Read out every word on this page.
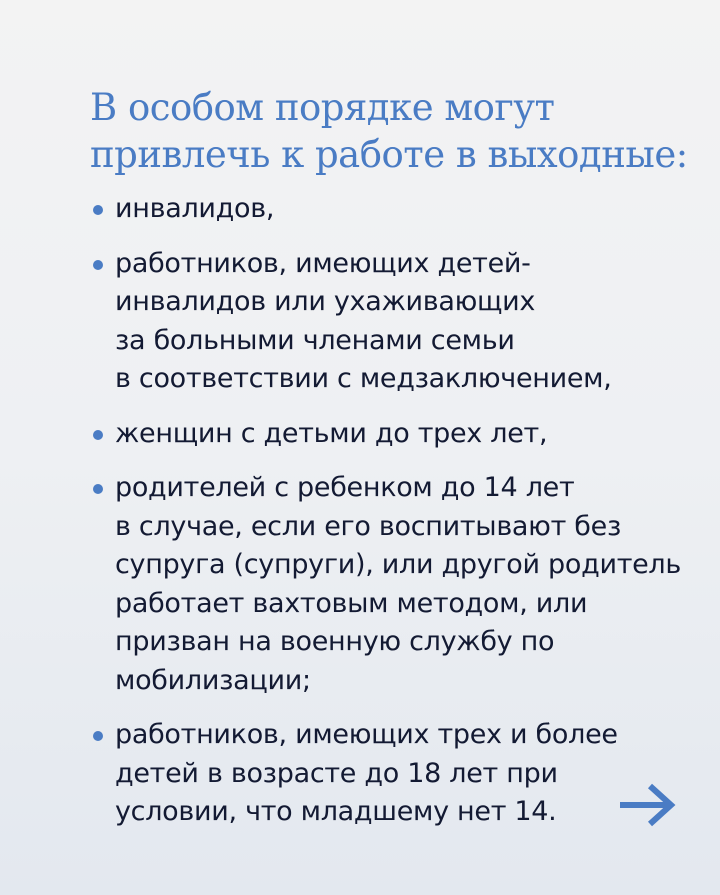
В особом порядке могут
привлечь к работе в выходные:
инвалидов,
работников, имеющих детей-
инвалидов или ухаживающих
за больными членами семьи
в соответствии с медзаключением,
женщин с детьми до трех лет,
родителей с ребенком до 14 лет
в случае, если его воспитывают без
супруга (супруги), или другой родитель
работает вахтовым методом, или
призван на военную службу по
мобилизации;
работников, имеющих трех и более
детей в возрасте до 18 лет при
условии, что младшему нет 14.
